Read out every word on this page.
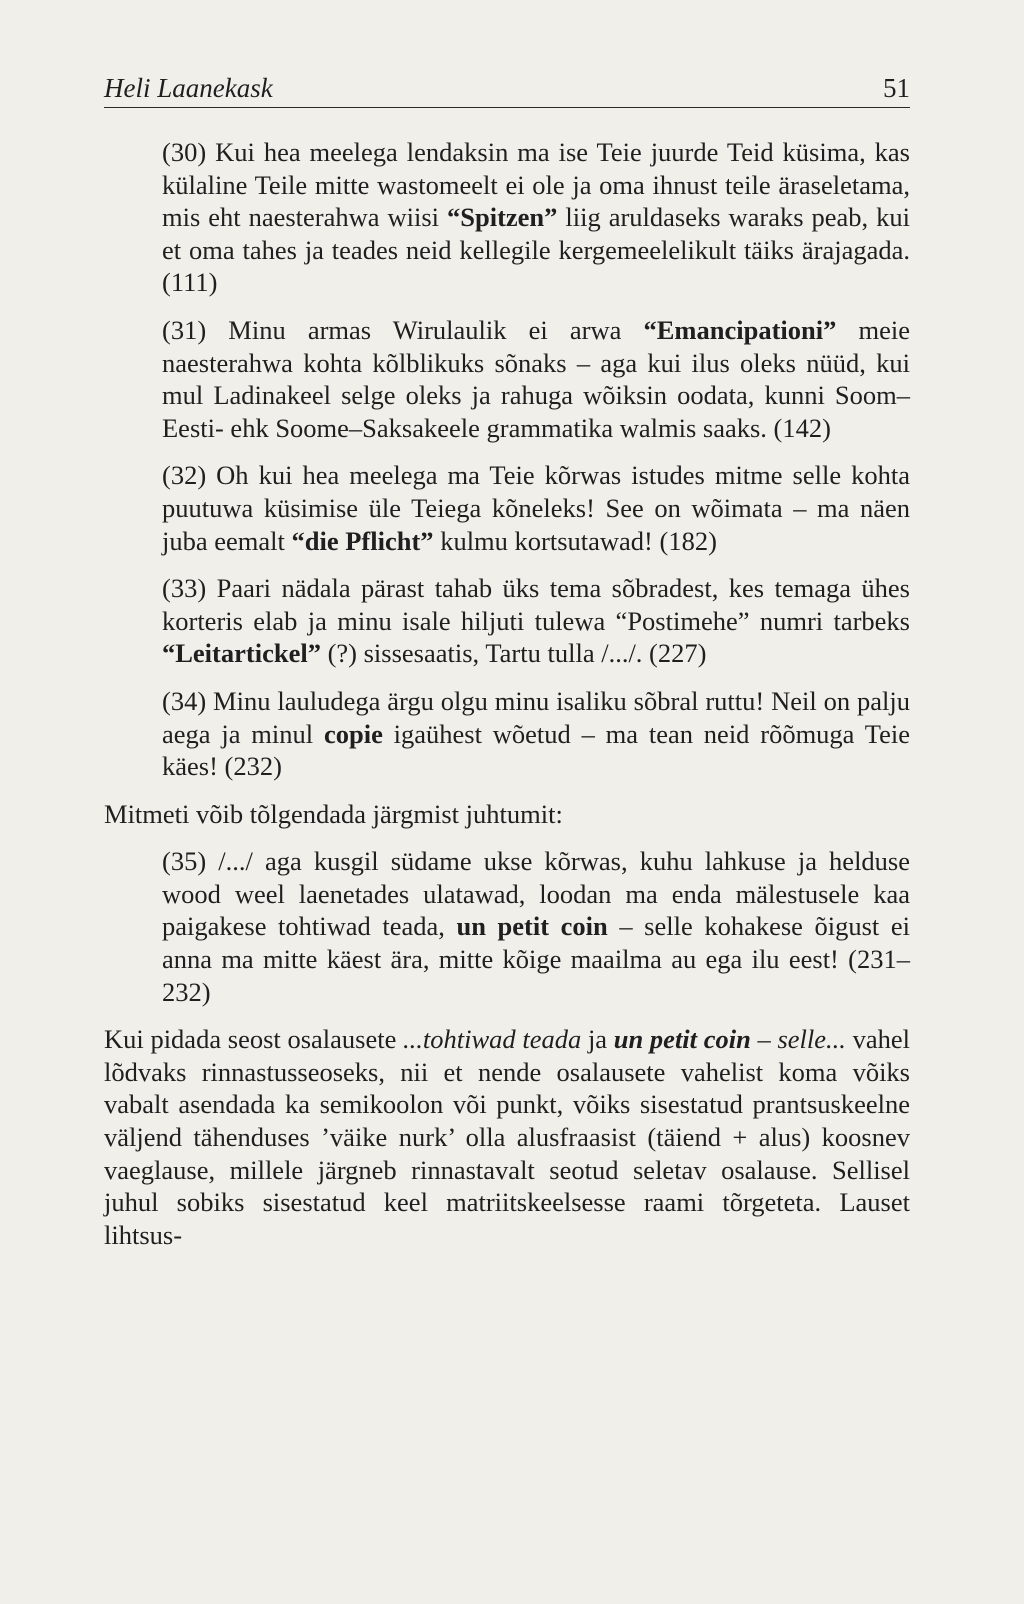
Heli Laanekask	51

(30) Kui hea meelega lendaksin ma ise Teie juurde Teid küsima, kas külaline Teile mitte wastomeelt ei ole ja oma ihnust teile äraseletama, mis eht naesterahwa wiisi “Spitzen” liig aruldaseks waraks peab, kui et oma tahes ja teades neid kellegile kergemeelelikult täiks ärajagada. (111)

(31) Minu armas Wirulaulik ei arwa “Emancipationi” meie naesterahwa kohta kõlblikuks sõnaks – aga kui ilus oleks nüüd, kui mul Ladinakeel selge oleks ja rahuga wõiksin oodata, kunni Soom–Eesti- ehk Soome–Saksakeele grammatika walmis saaks. (142)

(32) Oh kui hea meelega ma Teie kõrwas istudes mitme selle kohta puutuwa küsimise üle Teiega kõneleks! See on wõimata – ma näen juba eemalt “die Pflicht” kulmu kortsutawad! (182)

(33) Paari nädala pärast tahab üks tema sõbradest, kes temaga ühes korteris elab ja minu isale hiljuti tulewa “Postimehe” numri tarbeks “Leitartickel” (?) sissesaatis, Tartu tulla /.../. (227)

(34) Minu lauludega ärgu olgu minu isaliku sõbral ruttu! Neil on palju aega ja minul copie igaühest wõetud – ma tean neid rõõmuga Teie käes! (232)

Mitmeti võib tõlgendada järgmist juhtumit:

(35) /.../ aga kusgil südame ukse kõrwas, kuhu lahkuse ja helduse wood weel laenetades ulatawad, loodan ma enda mälestusele kaa paigakese tohtiwad teada, un petit coin – selle kohakese õigust ei anna ma mitte käest ära, mitte kõige maailma au ega ilu eest! (231–232)

Kui pidada seost osalausete ...tohtiwad teada ja un petit coin – selle... vahel lõdvaks rinnastusseoseks, nii et nende osalausete vahelist koma võiks vabalt asendada ka semikoolon või punkt, võiks sisestatud prantsuskeelne väljend tähenduses ’väike nurk’ olla alusfraasist (täiend + alus) koosnev vaeglause, millele järgneb rinnastavalt seotud seletav osalause. Sellisel juhul sobiks sisestatud keel matriitskeelsesse raami tõrgeteta. Lauset lihtsus-
